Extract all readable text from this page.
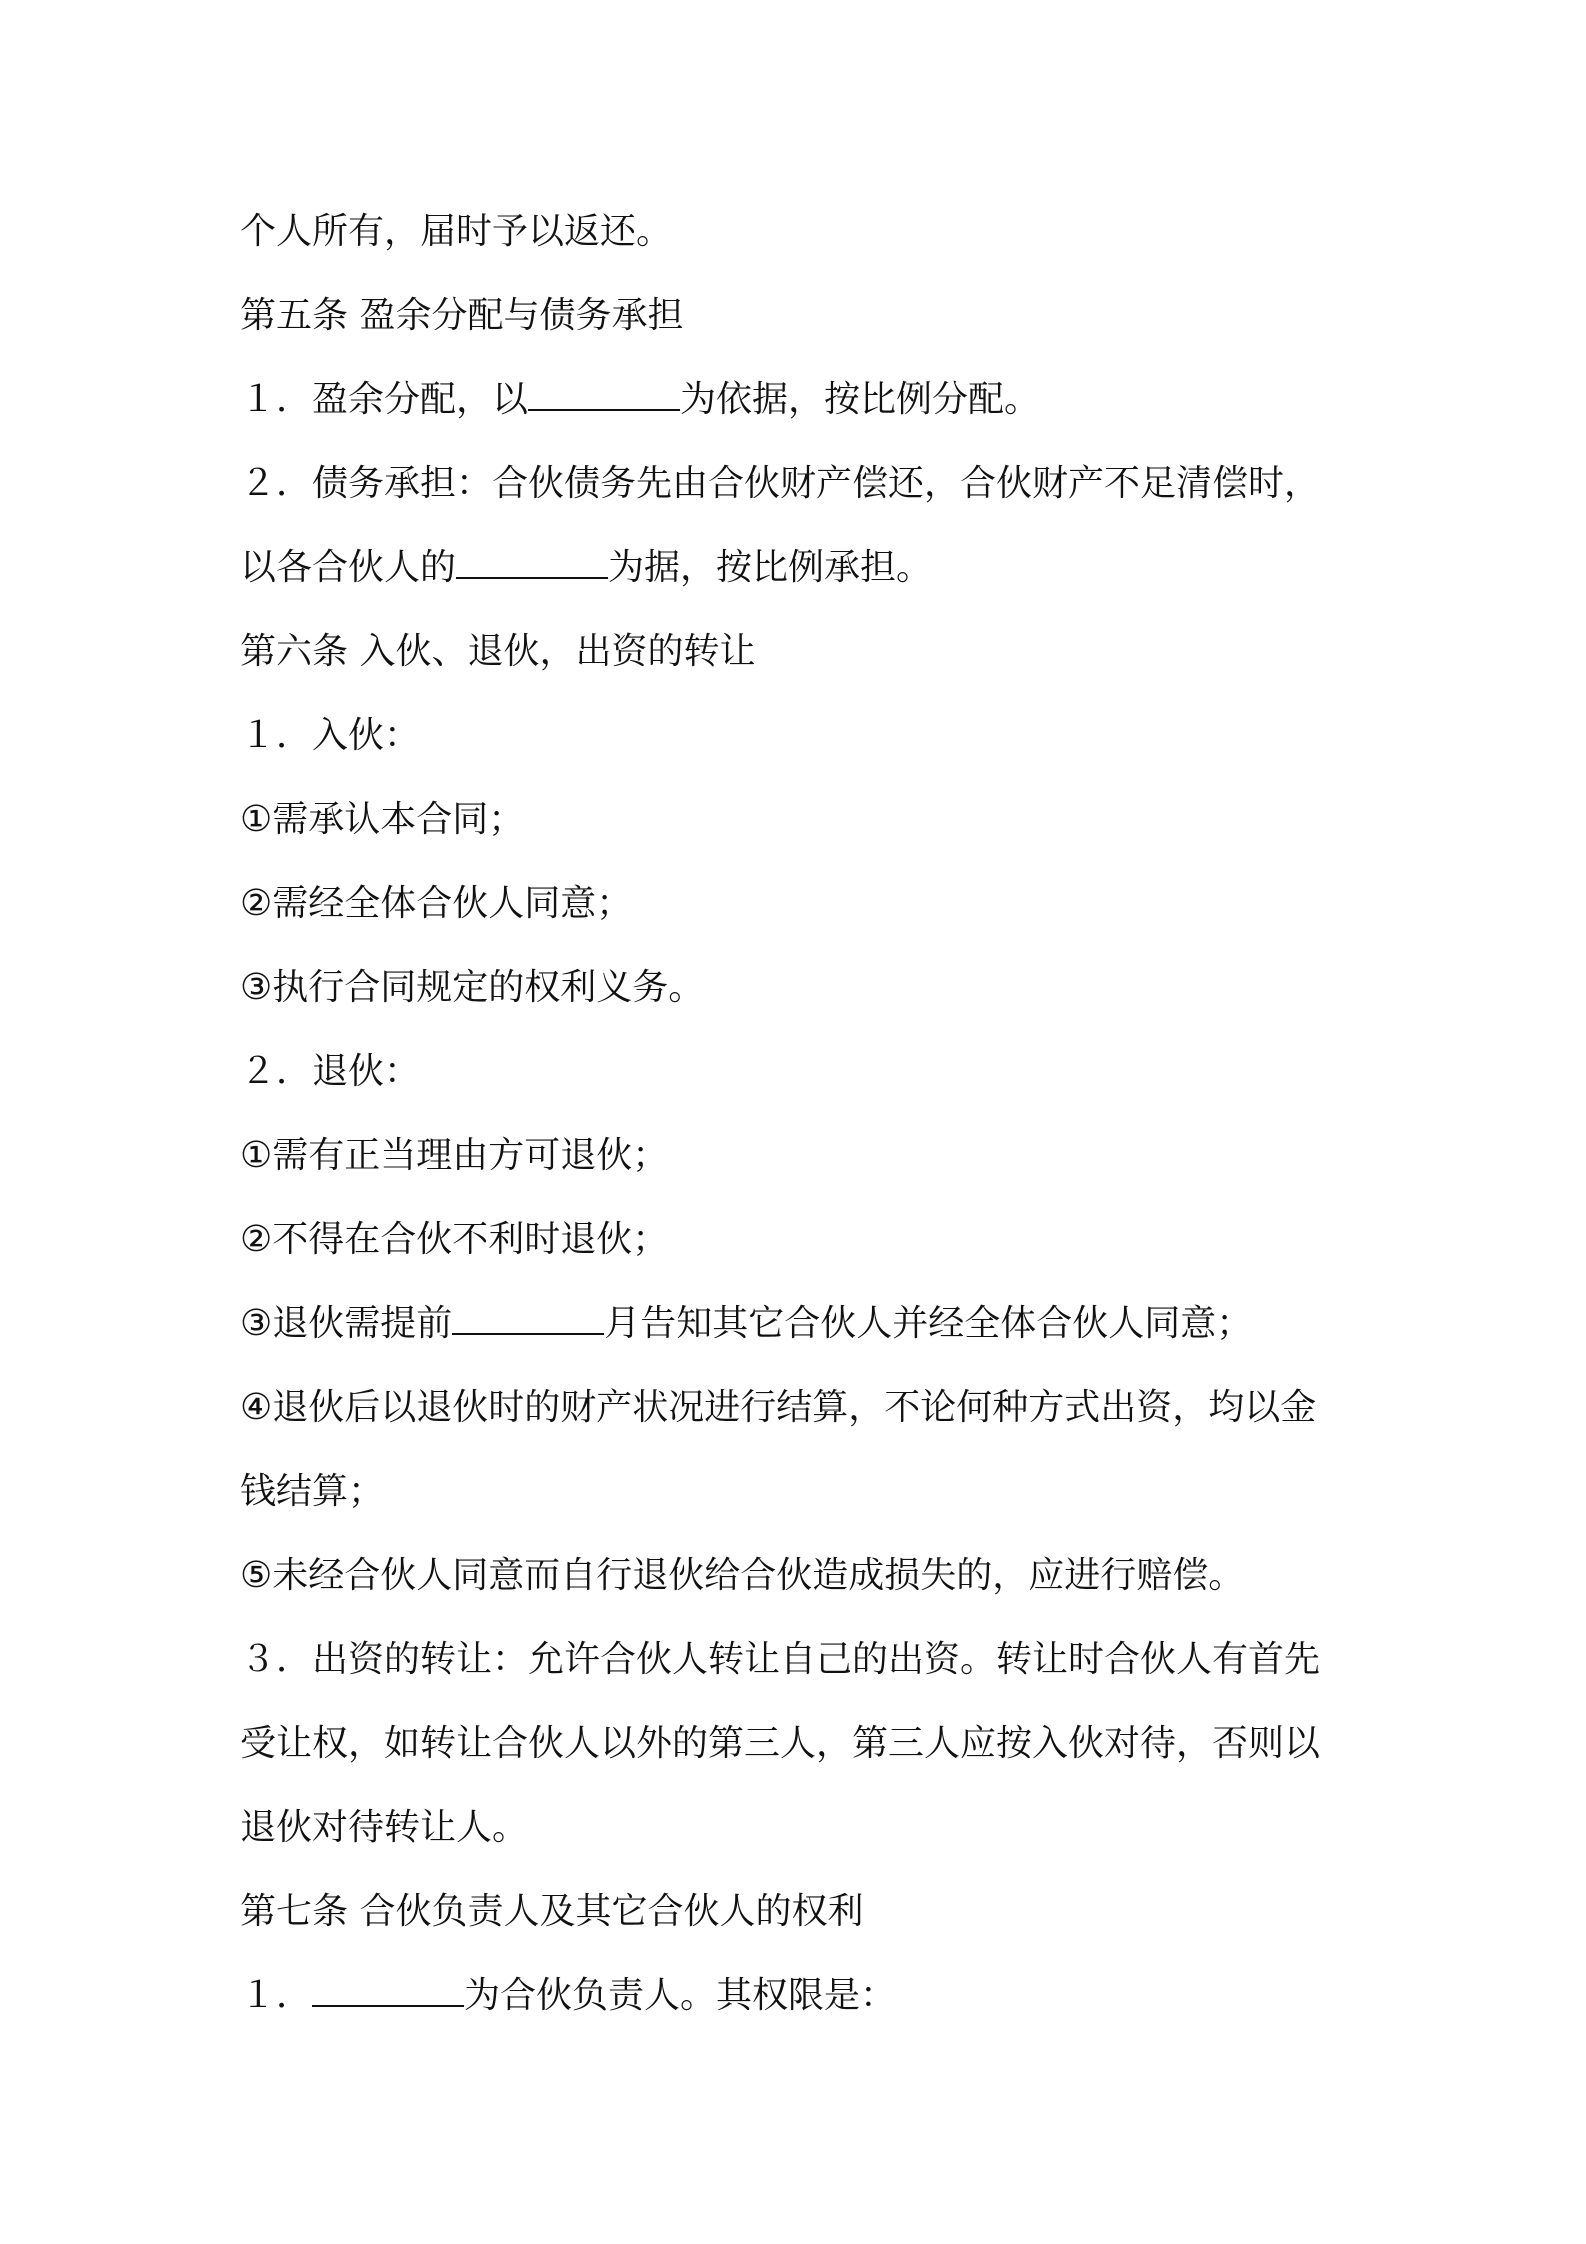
个人所有，届时予以返还。
第五条 盈余分配与债务承担
１．盈余分配，以	为依据，按比例分配。
２．债务承担：合伙债务先由合伙财产偿还，合伙财产不足清偿时，
以各合伙人的	为据，按比例承担。
第六条 入伙、退伙，出资的转让
１．入伙：
①需承认本合同；
②需经全体合伙人同意；
③执行合同规定的权利义务。
２．退伙：
①需有正当理由方可退伙；
②不得在合伙不利时退伙；
③退伙需提前	月告知其它合伙人并经全体合伙人同意；
④退伙后以退伙时的财产状况进行结算，不论何种方式出资，均以金
钱结算；
⑤未经合伙人同意而自行退伙给合伙造成损失的，应进行赔偿。
３．出资的转让：允许合伙人转让自己的出资。转让时合伙人有首先
受让权，如转让合伙人以外的第三人，第三人应按入伙对待，否则以
退伙对待转让人。
第七条 合伙负责人及其它合伙人的权利
１．	为合伙负责人。其权限是：
